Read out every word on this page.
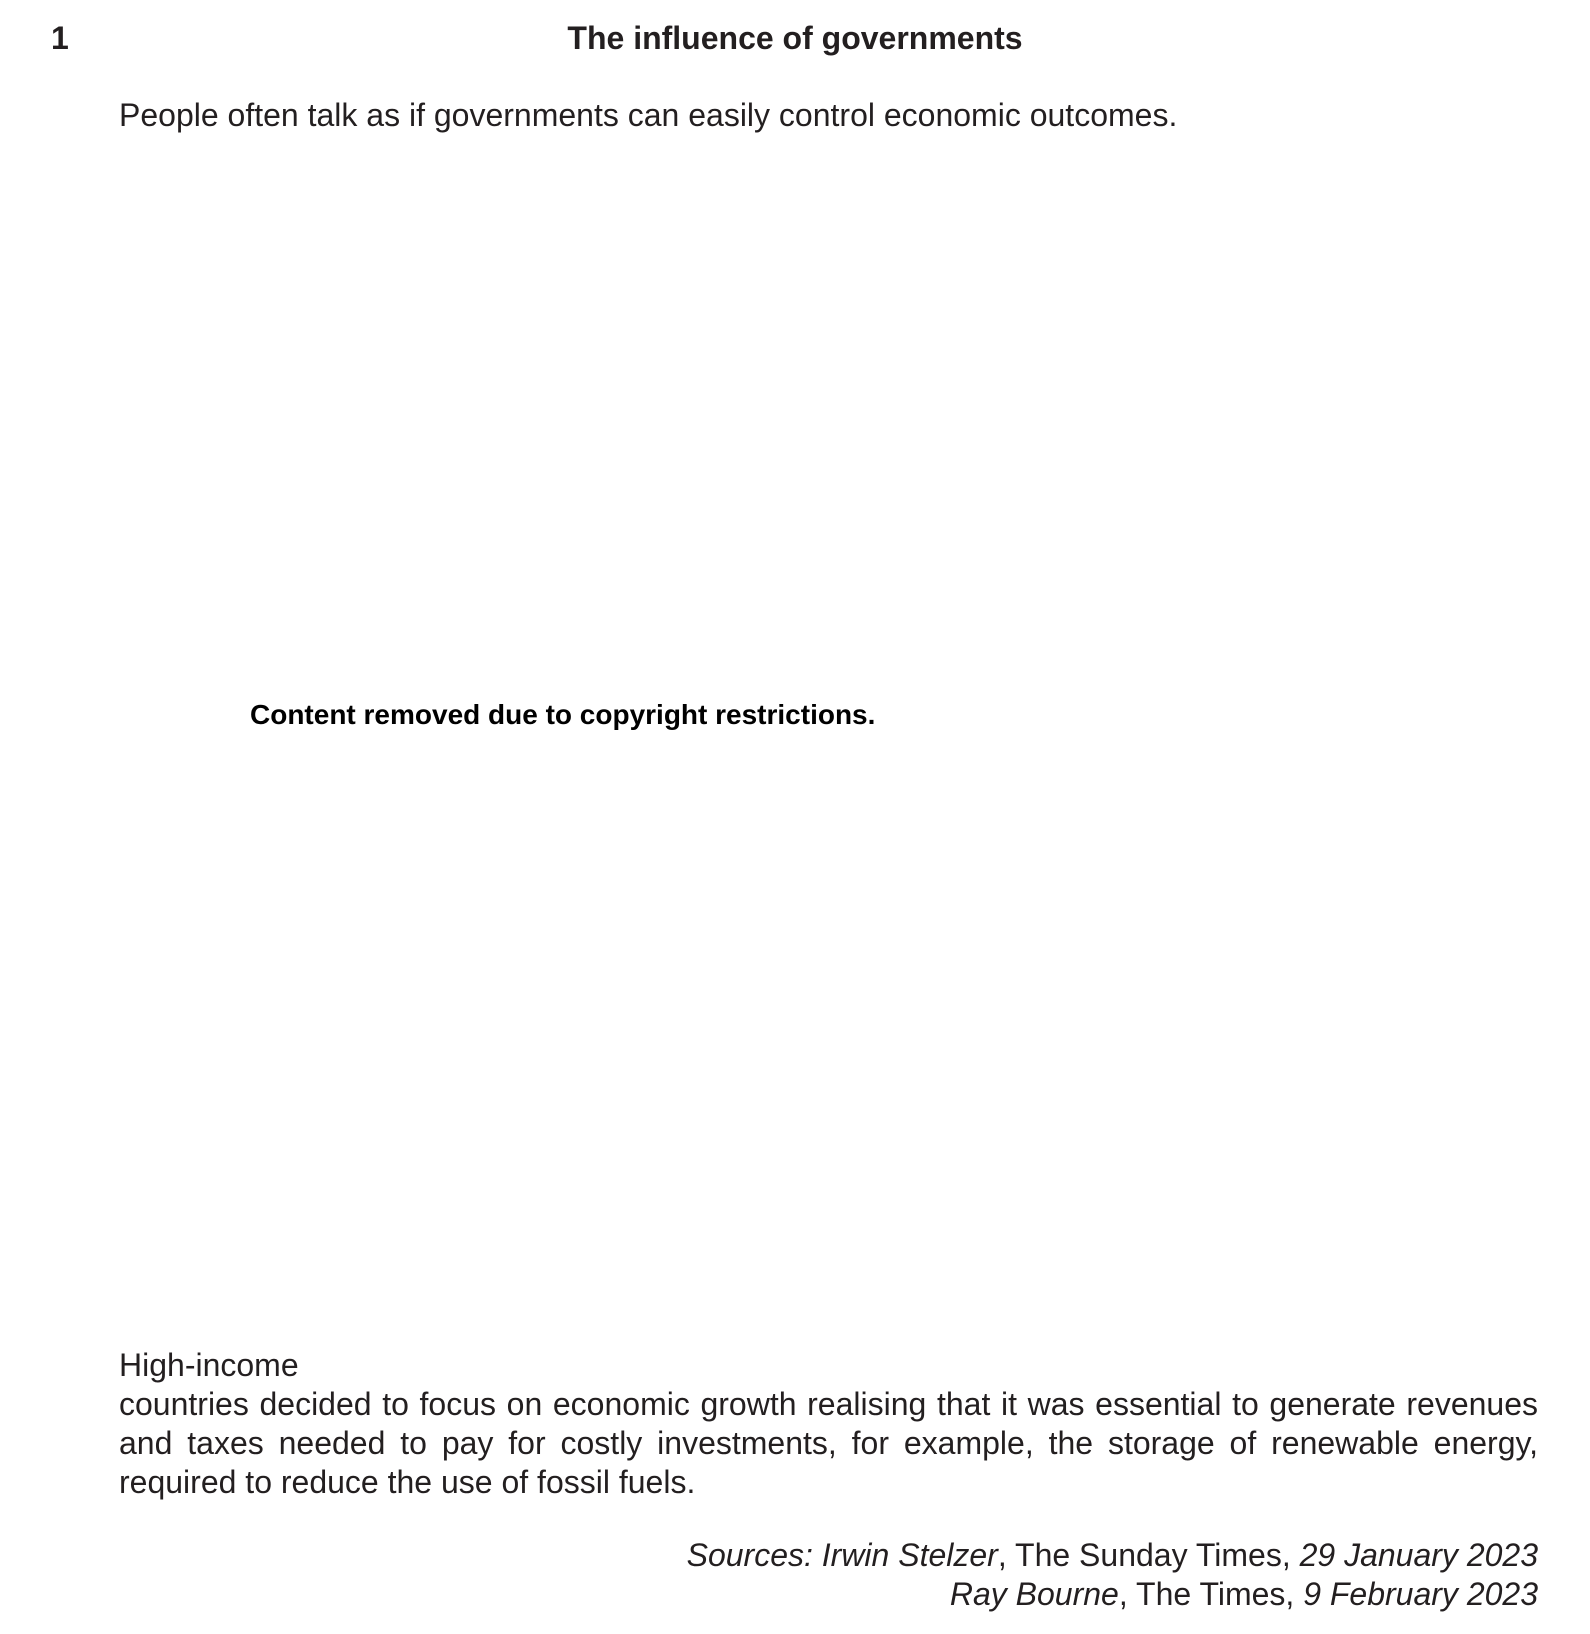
1	The influence of governments
People often talk as if governments can easily control economic outcomes.
Content removed due to copyright restrictions.
High-income
countries decided to focus on economic growth realising that it was essential to generate revenues and taxes needed to pay for costly investments, for example, the storage of renewable energy, required to reduce the use of fossil fuels.
Sources: Irwin Stelzer, The Sunday Times, 29 January 2023
Ray Bourne, The Times, 9 February 2023
